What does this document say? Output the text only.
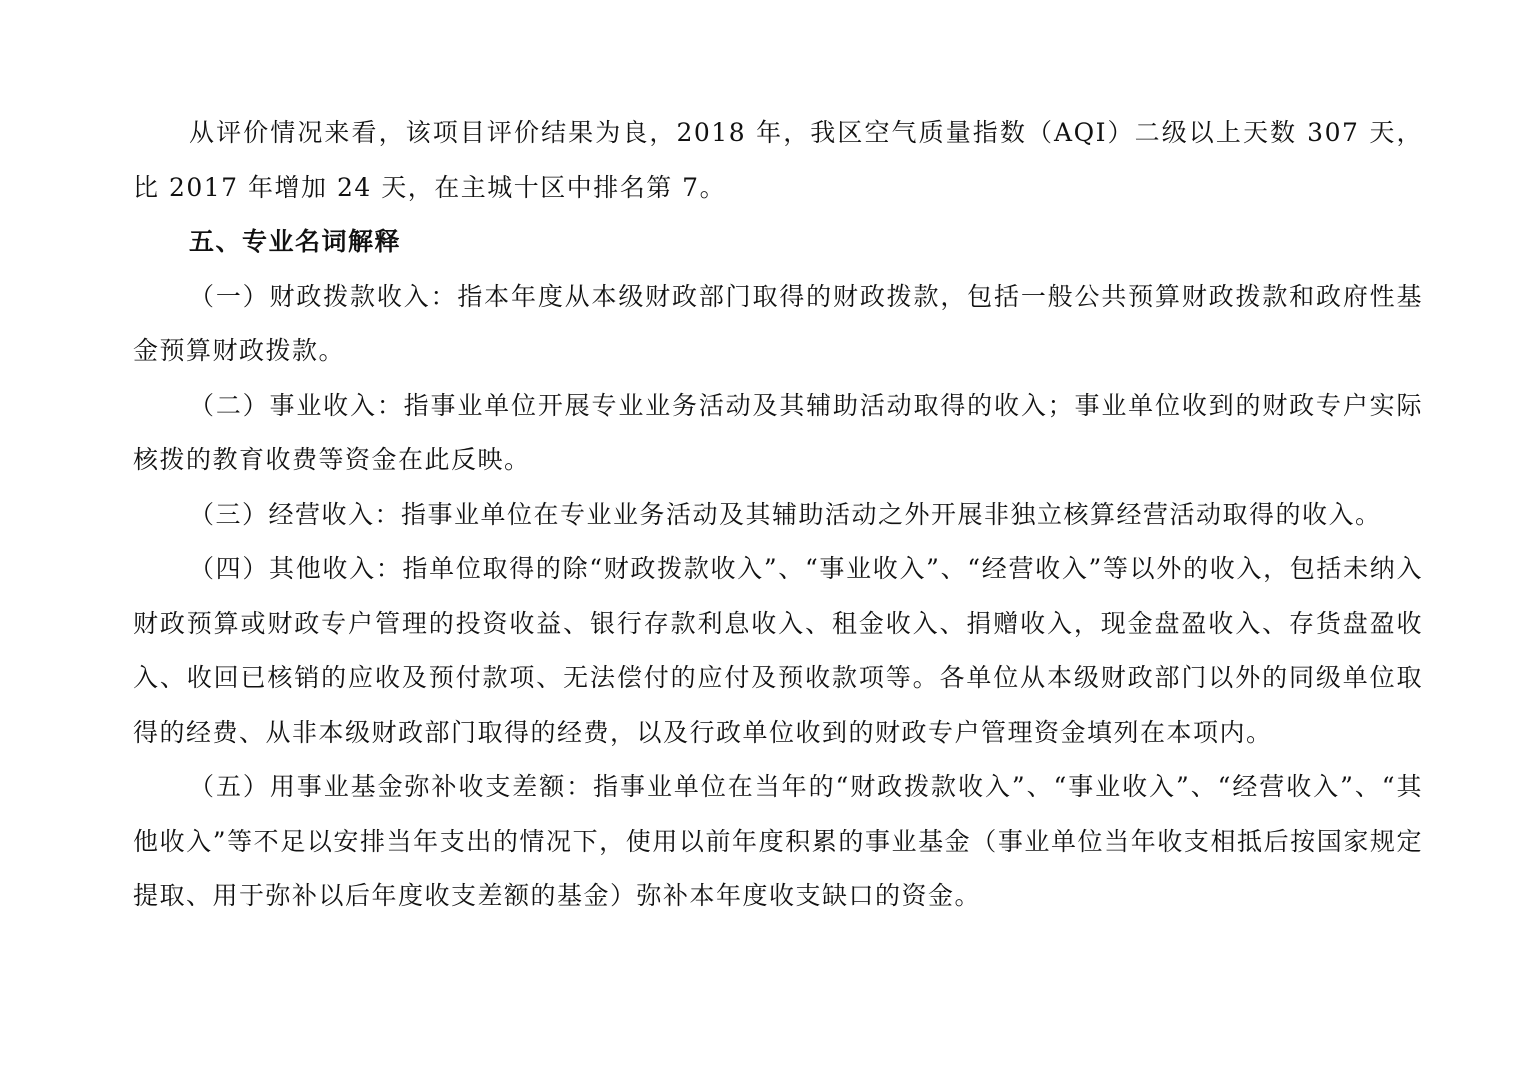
从评价情况来看，该项目评价结果为良，2018 年，我区空气质量指数（AQI）二级以上天数 307 天，比 2017 年增加 24 天，在主城十区中排名第 7。

五、专业名词解释

（一）财政拨款收入：指本年度从本级财政部门取得的财政拨款，包括一般公共预算财政拨款和政府性基金预算财政拨款。

（二）事业收入：指事业单位开展专业业务活动及其辅助活动取得的收入；事业单位收到的财政专户实际核拨的教育收费等资金在此反映。

（三）经营收入：指事业单位在专业业务活动及其辅助活动之外开展非独立核算经营活动取得的收入。

（四）其他收入：指单位取得的除“财政拨款收入”、“事业收入”、“经营收入”等以外的收入，包括未纳入财政预算或财政专户管理的投资收益、银行存款利息收入、租金收入、捐赠收入，现金盘盈收入、存货盘盈收入、收回已核销的应收及预付款项、无法偿付的应付及预收款项等。各单位从本级财政部门以外的同级单位取得的经费、从非本级财政部门取得的经费，以及行政单位收到的财政专户管理资金填列在本项内。

（五）用事业基金弥补收支差额：指事业单位在当年的“财政拨款收入”、“事业收入”、“经营收入”、“其他收入”等不足以安排当年支出的情况下，使用以前年度积累的事业基金（事业单位当年收支相抵后按国家规定提取、用于弥补以后年度收支差额的基金）弥补本年度收支缺口的资金。
